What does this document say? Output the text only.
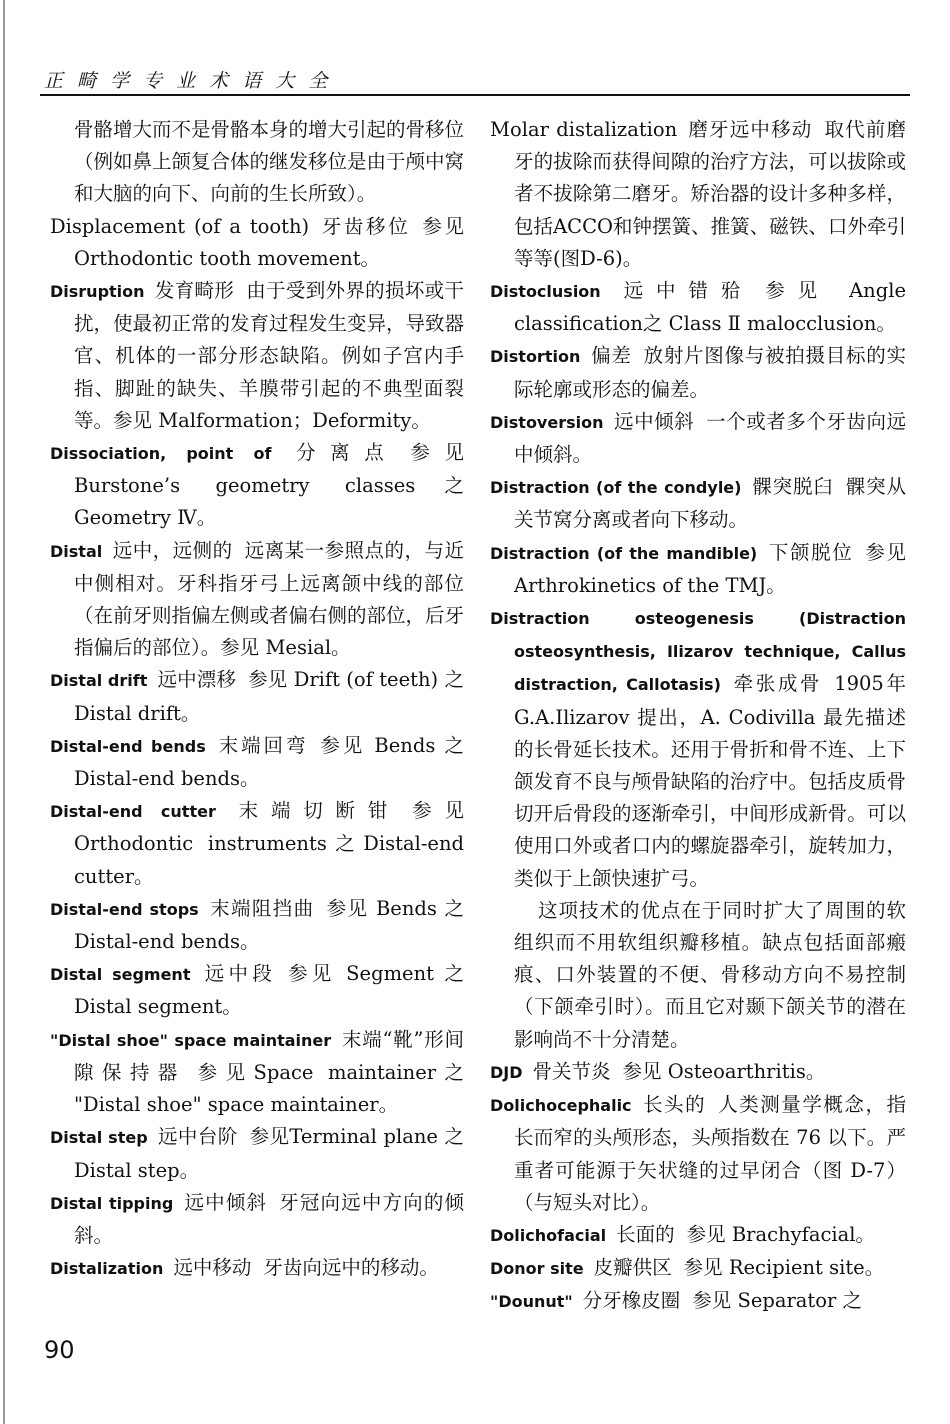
正 畸 学 专 业 术 语 大 全

骨骼增大而不是骨骼本身的增大引起的骨移位（例如鼻上颌复合体的继发移位是由于颅中窝和大脑的向下、向前的生长所致）。

Displacement (of a tooth) 牙齿移位 参见 Orthodontic tooth movement。

Disruption 发育畸形 由于受到外界的损坏或干扰，使最初正常的发育过程发生变异，导致器官、机体的一部分形态缺陷。例如子宫内手指、脚趾的缺失、羊膜带引起的不典型面裂等。参见 Malformation；Deformity。

Dissociation, point of 分离点 参见 Burstone’s geometry classes之Geometry Ⅳ。

Distal 远中，远侧的 远离某一参照点的，与近中侧相对。牙科指牙弓上远离颌中线的部位（在前牙则指偏左侧或者偏右侧的部位，后牙指偏后的部位）。参见 Mesial。

Distal drift 远中漂移 参见 Drift (of teeth) 之 Distal drift。

Distal-end bends 末端回弯 参见 Bends 之 Distal-end bends。

Distal-end cutter 末端切断钳 参见 Orthodontic instruments之Distal-end cutter。

Distal-end stops 末端阻挡曲 参见 Bends 之Distal-end bends。

Distal segment 远中段 参见 Segment 之 Distal segment。

"Distal shoe" space maintainer 末端“靴”形间隙保持器 参见Space maintainer之 "Distal shoe" space maintainer。

Distal step 远中台阶 参见Terminal plane 之 Distal step。

Distal tipping 远中倾斜 牙冠向远中方向的倾斜。

Distalization 远中移动 牙齿向远中的移动。

Molar distalization 磨牙远中移动 取代前磨牙的拔除而获得间隙的治疗方法，可以拔除或者不拔除第二磨牙。矫治器的设计多种多样，包括ACCO和钟摆簧、推簧、磁铁、口外牵引等等(图D-6)。

Distoclusion 远中错𬌗 参见 Angle classification之 Class Ⅱ malocclusion。

Distortion 偏差 放射片图像与被拍摄目标的实际轮廓或形态的偏差。

Distoversion 远中倾斜 一个或者多个牙齿向远中倾斜。

Distraction (of the condyle) 髁突脱臼 髁突从关节窝分离或者向下移动。

Distraction (of the mandible) 下颌脱位 参见 Arthrokinetics of the TMJ。

Distraction osteogenesis (Distraction osteosynthesis, Ilizarov technique, Callus distraction, Callotasis) 牵张成骨 1905年G.A.Ilizarov 提出，A. Codivilla 最先描述的长骨延长技术。还用于骨折和骨不连、上下颌发育不良与颅骨缺陷的治疗中。包括皮质骨切开后骨段的逐渐牵引，中间形成新骨。可以使用口外或者口内的螺旋器牵引，旋转加力，类似于上颌快速扩弓。

这项技术的优点在于同时扩大了周围的软组织而不用软组织瓣移植。缺点包括面部瘢痕、口外装置的不便、骨移动方向不易控制（下颌牵引时）。而且它对颞下颌关节的潜在影响尚不十分清楚。

DJD 骨关节炎 参见 Osteoarthritis。

Dolichocephalic 长头的 人类测量学概念，指长而窄的头颅形态，头颅指数在 76 以下。严重者可能源于矢状缝的过早闭合（图 D-7）（与短头对比）。

Dolichofacial 长面的 参见 Brachyfacial。

Donor site 皮瓣供区 参见 Recipient site。

"Dounut" 分牙橡皮圈 参见 Separator 之

90
